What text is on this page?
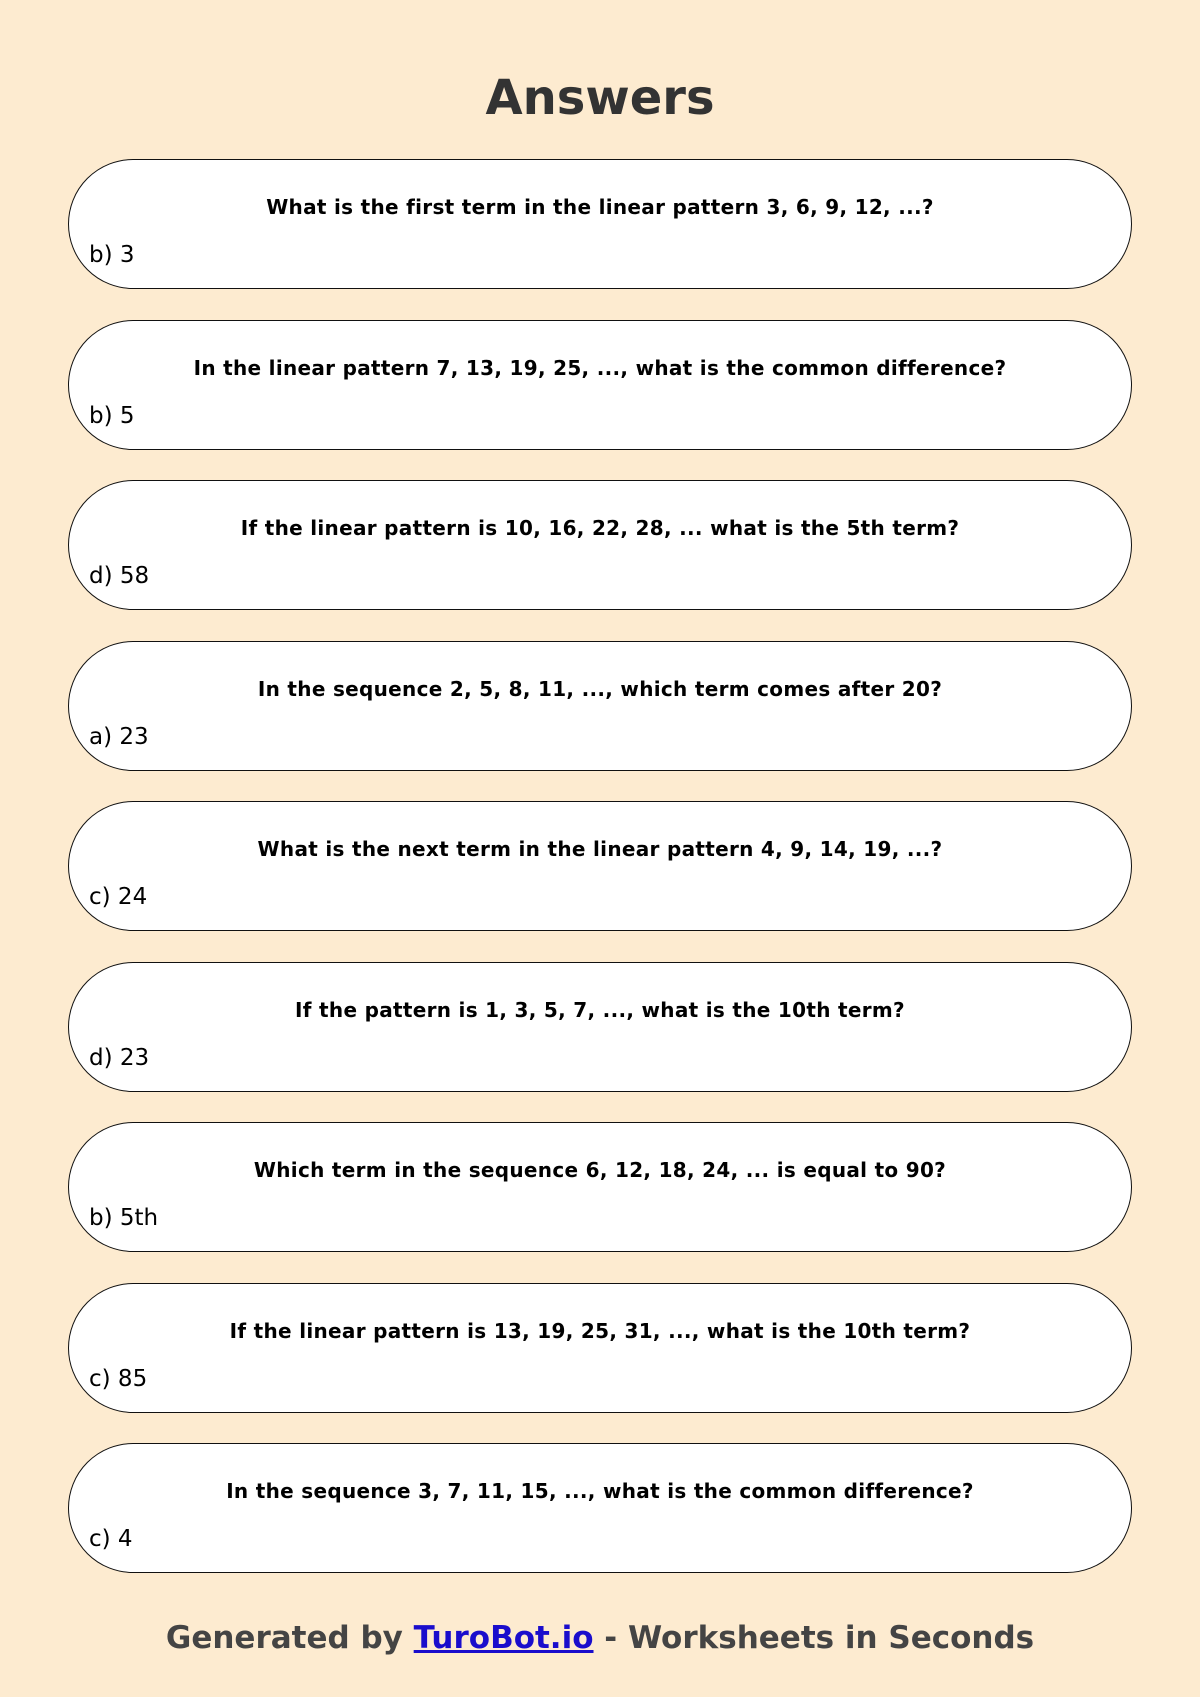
Answers
What is the first term in the linear pattern 3, 6, 9, 12, ...?
b) 3
In the linear pattern 7, 13, 19, 25, ..., what is the common difference?
b) 5
If the linear pattern is 10, 16, 22, 28, ... what is the 5th term?
d) 58
In the sequence 2, 5, 8, 11, ..., which term comes after 20?
a) 23
What is the next term in the linear pattern 4, 9, 14, 19, ...?
c) 24
If the pattern is 1, 3, 5, 7, ..., what is the 10th term?
d) 23
Which term in the sequence 6, 12, 18, 24, ... is equal to 90?
b) 5th
If the linear pattern is 13, 19, 25, 31, ..., what is the 10th term?
c) 85
In the sequence 3, 7, 11, 15, ..., what is the common difference?
c) 4
Generated by TuroBot.io - Worksheets in Seconds
